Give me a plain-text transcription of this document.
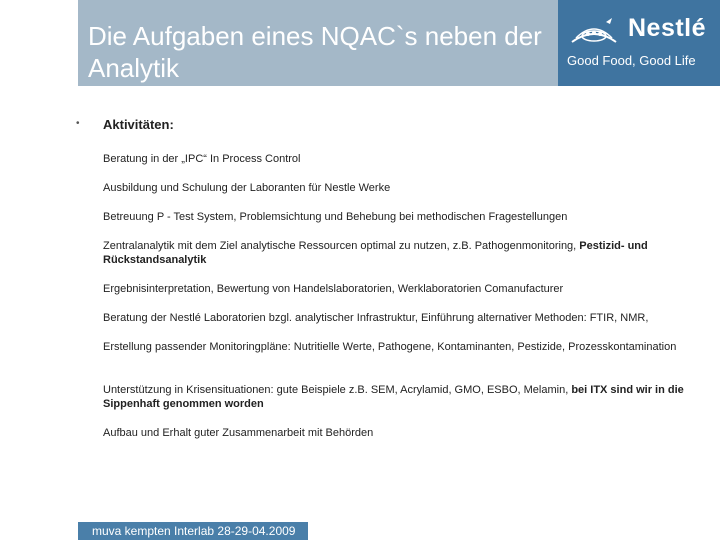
Die Aufgaben eines NQAC`s neben der Analytik
Nestlé
Good Food, Good Life
• Aktivitäten:
Beratung in der „IPC“ In Process Control
Ausbildung und Schulung der Laboranten für Nestle Werke
Betreuung P - Test System, Problemsichtung und Behebung bei methodischen Fragestellungen
Zentralanalytik mit dem Ziel analytische Ressourcen optimal zu nutzen, z.B. Pathogenmonitoring, Pestizid- und Rückstandsanalytik
Ergebnisinterpretation, Bewertung von Handelslaboratorien, Werklaboratorien Comanufacturer
Beratung der Nestlé Laboratorien bzgl. analytischer Infrastruktur, Einführung alternativer Methoden: FTIR, NMR,
Erstellung passender Monitoringpläne: Nutritielle Werte, Pathogene, Kontaminanten, Pestizide, Prozesskontamination
Unterstützung in Krisensituationen: gute Beispiele z.B. SEM, Acrylamid, GMO, ESBO, Melamin, bei ITX sind wir in die Sippenhaft genommen worden
Aufbau und Erhalt guter Zusammenarbeit mit Behörden
muva kempten Interlab 28-29-04.2009
